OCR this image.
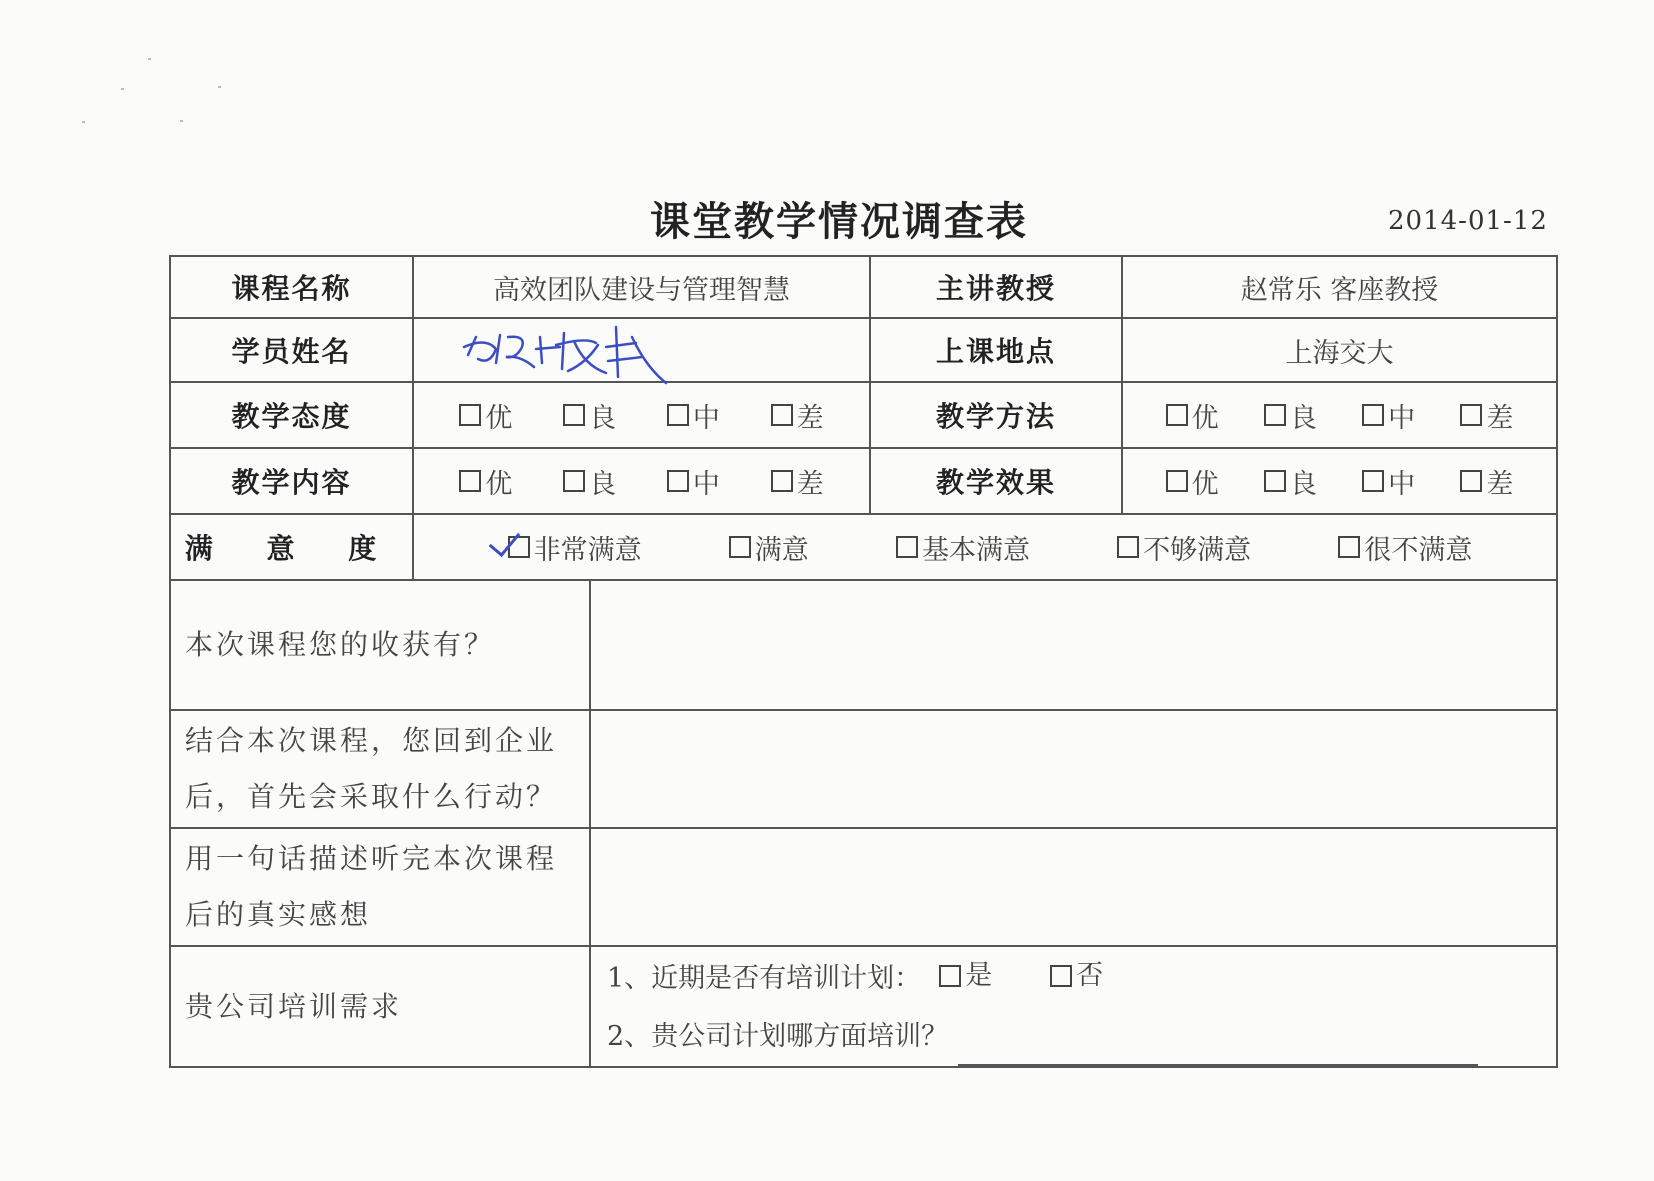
课堂教学情况调查表	2014-01-12
课程名称	高效团队建设与管理智慧		主讲教授	赵常乐 客座教授
学员姓名			上课地点	上海交大
教学态度	优 良 中 差		教学方法	优 良 中 差

教学内容	优 良 中 差		教学效果	优 良 中 差

满 意 度	非常满意 满意 基本满意 不够满意 很不满意			

本次课程您的收获有？				
结合本次课程，您回到企业后，首先会采取什么行动？				
用一句话描述听完本次课程后的真实感想				
贵公司培训需求		1、近期是否有培训计划： 是 否
2、贵公司计划哪方面培训？		
